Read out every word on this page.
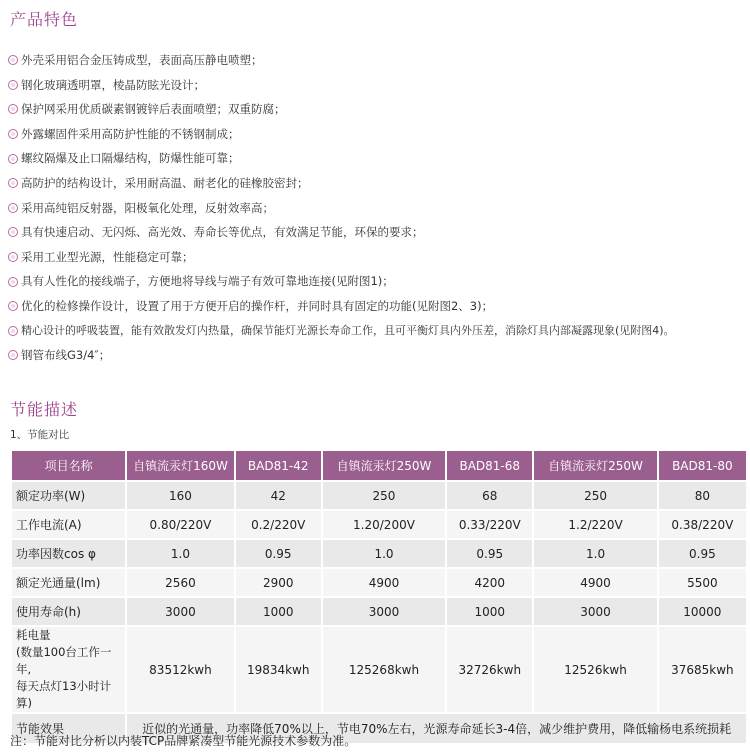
产品特色
外壳采用铝合金压铸成型，表面高压静电喷塑；
钢化玻璃透明罩，棱晶防眩光设计；
保护网采用优质碳素钢镀锌后表面喷塑；双重防腐；
外露螺固件采用高防护性能的不锈钢制成；
螺纹隔爆及止口隔爆结构，防爆性能可靠；
高防护的结构设计，采用耐高温、耐老化的硅橡胶密封；
采用高纯铝反射器，阳极氧化处理，反射效率高；
具有快速启动、无闪烁、高光效、寿命长等优点，有效满足节能，环保的要求；
采用工业型光源，性能稳定可靠；
具有人性化的接线端子，方便地将导线与端子有效可靠地连接(见附图1)；
优化的检修操作设计，设置了用于方便开启的操作杆，并同时具有固定的功能(见附图2、3)；
精心设计的呼吸装置，能有效散发灯内热量，确保节能灯光源长寿命工作，且可平衡灯具内外压差，消除灯具内部凝露现象(见附图4)。
钢管布线G3/4″；
节能描述
1、节能对比
项目名称	自镇流汞灯160W	BAD81-42	自镇流汞灯250W	BAD81-68	自镇流汞灯250W	BAD81-80
额定功率(W)	160	42	250	68	250	80
工作电流(A)	0.80/220V	0.2/220V	1.20/200V	0.33/220V	1.2/220V	0.38/220V
功率因数cos φ	1.0	0.95	1.0	0.95	1.0	0.95
额定光通量(lm)	2560	2900	4900	4200	4900	5500
使用寿命(h)	3000	1000	3000	1000	3000	10000

耗电量
(数量100台工作一年,
每天点灯13小时计算)	83512kwh	19834kwh	125268kwh	32726kwh	12526kwh	37685kwh
节能效果	近似的光通量，功率降低70%以上，节电70%左右，光源寿命延长3-4倍，减少维护费用，降低输杨电系统损耗					
注：节能对比分析以内装TCP品牌紧凑型节能光源技术参数为准。
